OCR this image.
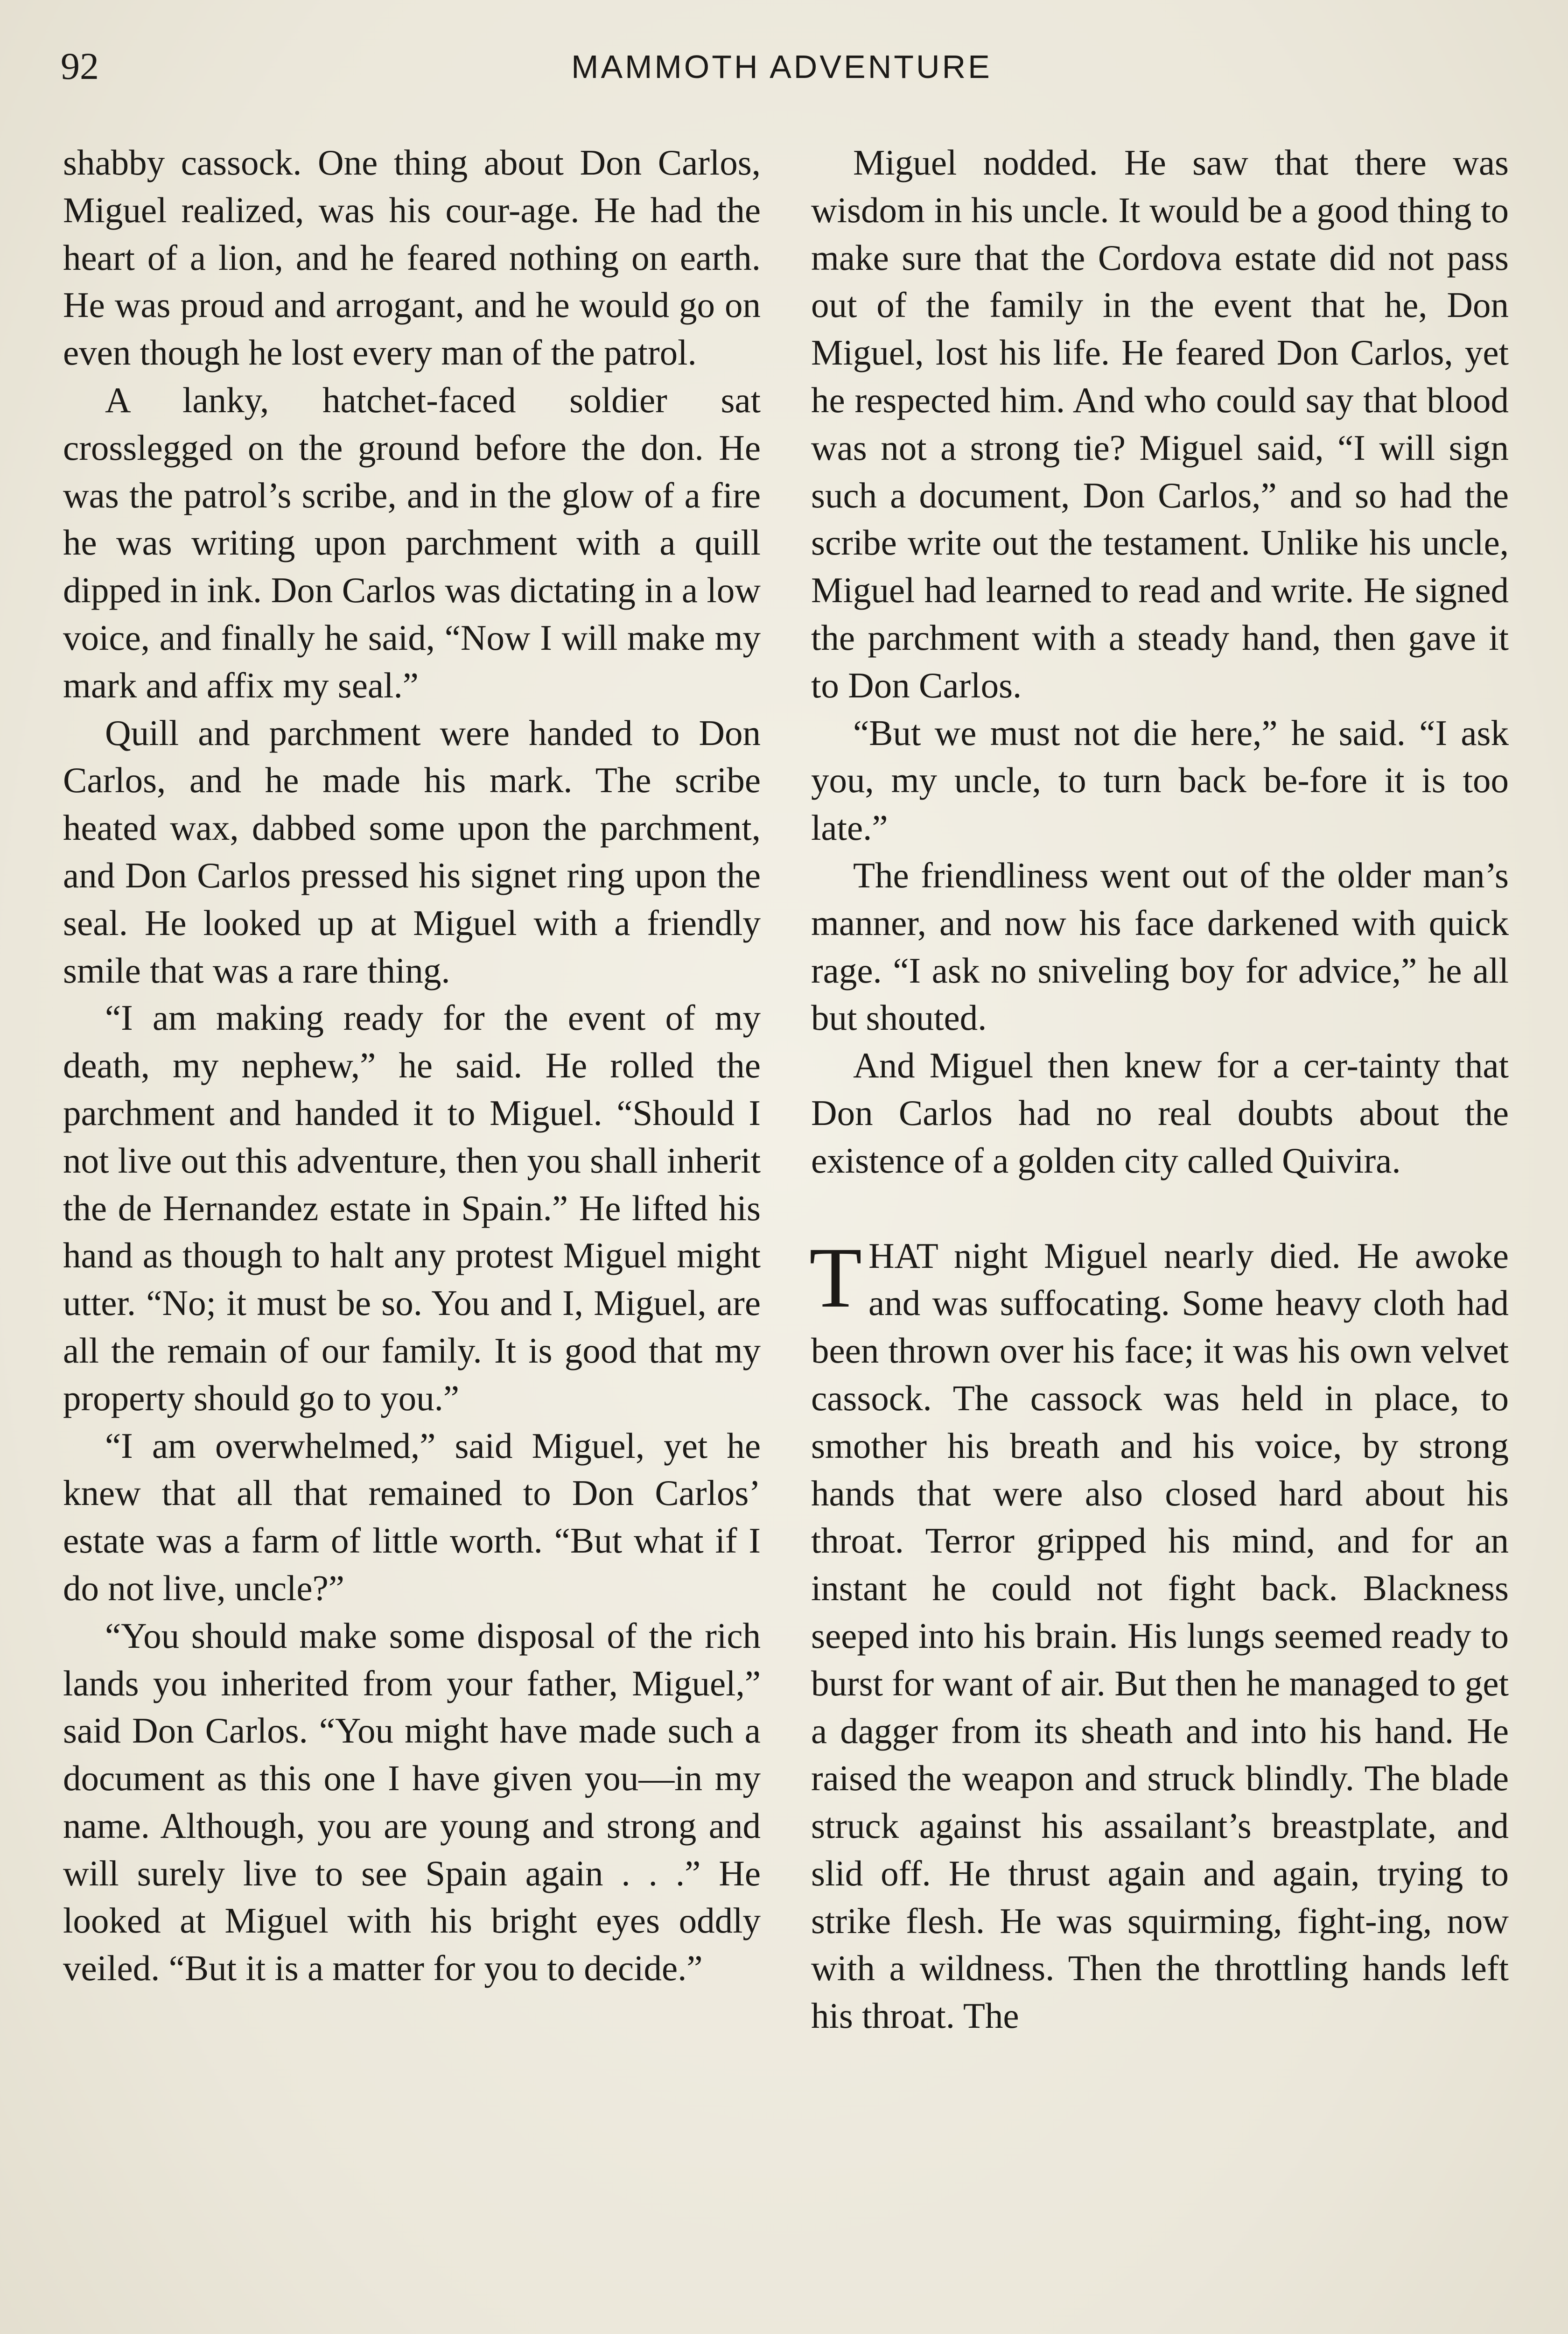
92	MAMMOTH ADVENTURE

shabby cassock. One thing about Don Carlos, Miguel realized, was his cour-age. He had the heart of a lion, and he feared nothing on earth. He was proud and arrogant, and he would go on even though he lost every man of the patrol.

A lanky, hatchet-faced soldier sat crosslegged on the ground before the don. He was the patrol’s scribe, and in the glow of a fire he was writing upon parchment with a quill dipped in ink. Don Carlos was dictating in a low voice, and finally he said, “Now I will make my mark and affix my seal.”

Quill and parchment were handed to Don Carlos, and he made his mark. The scribe heated wax, dabbed some upon the parchment, and Don Carlos pressed his signet ring upon the seal. He looked up at Miguel with a friendly smile that was a rare thing.

“I am making ready for the event of my death, my nephew,” he said. He rolled the parchment and handed it to Miguel. “Should I not live out this adventure, then you shall inherit the de Hernandez estate in Spain.” He lifted his hand as though to halt any protest Miguel might utter. “No; it must be so. You and I, Miguel, are all the remain of our family. It is good that my property should go to you.”

“I am overwhelmed,” said Miguel, yet he knew that all that remained to Don Carlos’ estate was a farm of little worth. “But what if I do not live, uncle?”

“You should make some disposal of the rich lands you inherited from your father, Miguel,” said Don Carlos. “You might have made such a document as this one I have given you—in my name. Although, you are young and strong and will surely live to see Spain again . . .” He looked at Miguel with his bright eyes oddly veiled. “But it is a matter for you to decide.”

Miguel nodded. He saw that there was wisdom in his uncle. It would be a good thing to make sure that the Cordova estate did not pass out of the family in the event that he, Don Miguel, lost his life. He feared Don Carlos, yet he respected him. And who could say that blood was not a strong tie? Miguel said, “I will sign such a document, Don Carlos,” and so had the scribe write out the testament. Unlike his uncle, Miguel had learned to read and write. He signed the parchment with a steady hand, then gave it to Don Carlos.

“But we must not die here,” he said. “I ask you, my uncle, to turn back be-fore it is too late.”

The friendliness went out of the older man’s manner, and now his face darkened with quick rage. “I ask no sniveling boy for advice,” he all but shouted.

And Miguel then knew for a cer-tainty that Don Carlos had no real doubts about the existence of a golden city called Quivira.

THAT night Miguel nearly died. He awoke and was suffocating. Some heavy cloth had been thrown over his face; it was his own velvet cassock. The cassock was held in place, to smother his breath and his voice, by strong hands that were also closed hard about his throat. Terror gripped his mind, and for an instant he could not fight back. Blackness seeped into his brain. His lungs seemed ready to burst for want of air. But then he managed to get a dagger from its sheath and into his hand. He raised the weapon and struck blindly. The blade struck against his assailant’s breastplate, and slid off. He thrust again and again, trying to strike flesh. He was squirming, fight-ing, now with a wildness. Then the throttling hands left his throat. The
